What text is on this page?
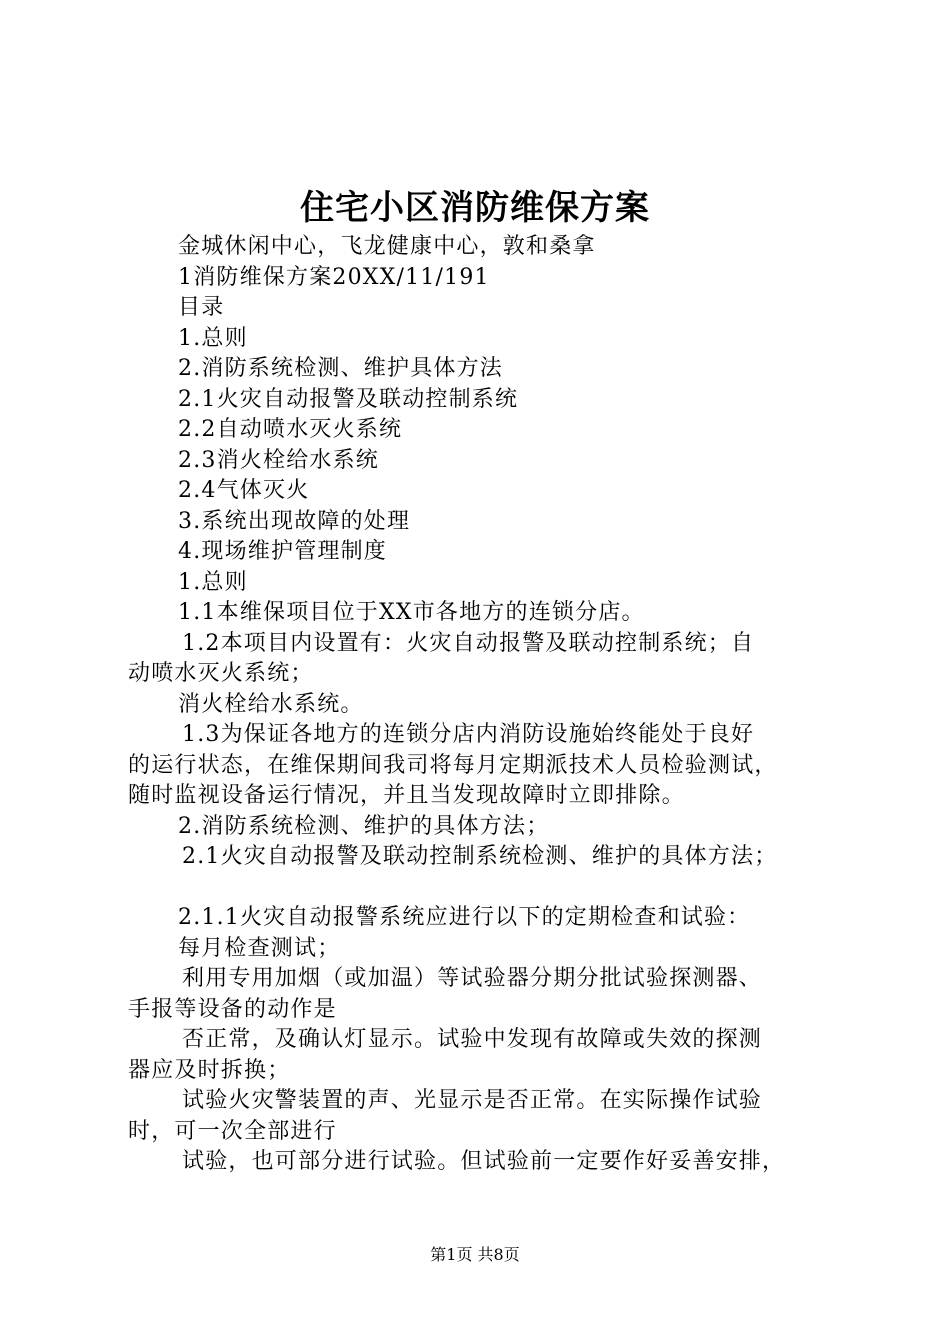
住宅小区消防维保方案
金城休闲中心，飞龙健康中心，敦和桑拿
1消防维保方案20XX/11/191
目录
1.总则
2.消防系统检测、维护具体方法
2.1火灾自动报警及联动控制系统
2.2自动喷水灭火系统
2.3消火栓给水系统
2.4气体灭火
3.系统出现故障的处理
4.现场维护管理制度
1.总则
1.1本维保项目位于XX市各地方的连锁分店。
1.2本项目内设置有：火灾自动报警及联动控制系统；自
动喷水灭火系统；
消火栓给水系统。
1.3为保证各地方的连锁分店内消防设施始终能处于良好
的运行状态，在维保期间我司将每月定期派技术人员检验测试，
随时监视设备运行情况，并且当发现故障时立即排除。
2.消防系统检测、维护的具体方法；
2.1火灾自动报警及联动控制系统检测、维护的具体方法；
2.1.1火灾自动报警系统应进行以下的定期检查和试验：
每月检查测试；
利用专用加烟（或加温）等试验器分期分批试验探测器、
手报等设备的动作是
否正常，及确认灯显示。试验中发现有故障或失效的探测
器应及时拆换；
试验火灾警装置的声、光显示是否正常。在实际操作试验
时，可一次全部进行
试验，也可部分进行试验。但试验前一定要作好妥善安排，
第1页 共8页
